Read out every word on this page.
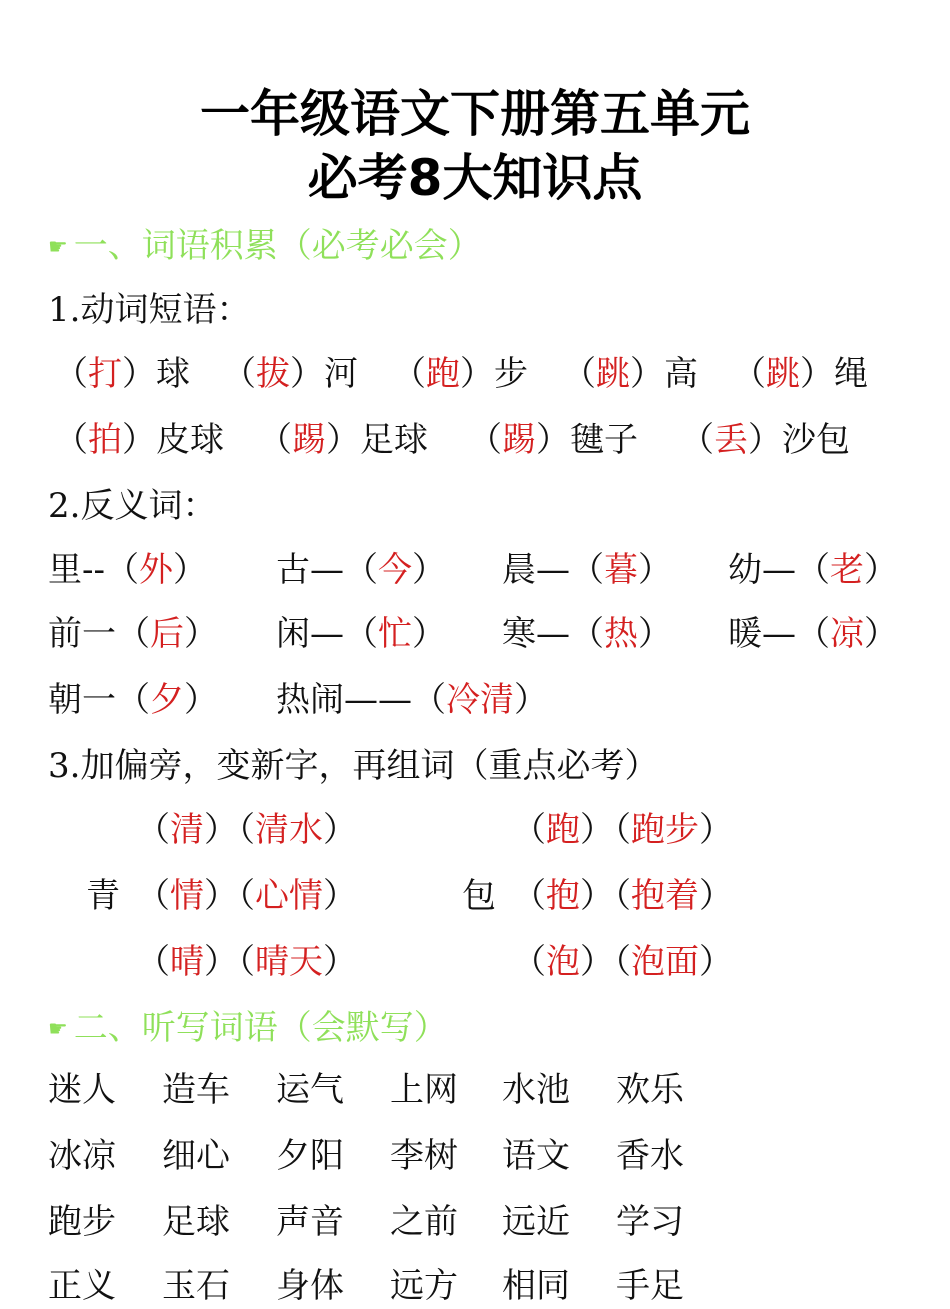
一年级语文下册第五单元
必考8大知识点
☛ 一、词语积累（必考必会）
1.动词短语：
（打）球 （拔）河 （跑）步 （跳）高 （跳）绳
（拍）皮球 （踢）足球 （踢）毽子 （丢）沙包
2.反义词：
里--（外） 古—（今） 晨—（暮） 幼—（老）
前一（后） 闲—（忙） 寒—（热） 暖—（凉）
朝一（夕） 热闹——（冷清）
3.加偏旁，变新字，再组词（重点必考）
青	包
（清）（清水）
（情）（心情）
（晴）（晴天）
（跑）（跑步）
（抱）（抱着）
（泡）（泡面）
☛ 二、听写词语（会默写）
迷人 造车 运气 上网 水池 欢乐
冰凉 细心 夕阳 李树 语文 香水
跑步 足球 声音 之前 远近 学习
正义 玉石 身体 远方 相同 手足
